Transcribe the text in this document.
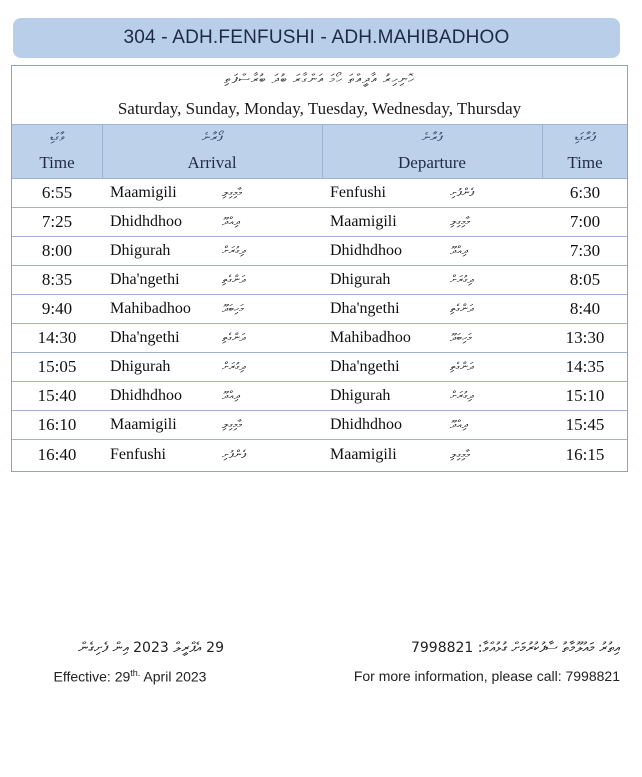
304 - ADH.FENFUSHI - ADH.MAHIBADHOO
ހޮނިހިރު އާދީއްތަ ހޯމަ އަންގާރަ ބުދަ ބުރާސްފަތި
Saturday, Sunday, Monday, Tuesday, Wednesday, Thursday
ވާގަޑި
Time
ފޯރާނެ
Arrival
ފުރާނެ
Departure
ފުރާގަޑި
Time
6:55	Maamigili	މާމިގިލި	Fenfushi	ފެންފުށި	6:30
7:25	Dhidhdhoo	ދިއްދޫ	Maamigili	މާމިގިލި	7:00
8:00	Dhigurah	ދިގުރަށް	Dhidhdhoo	ދިއްދޫ	7:30
8:35	Dha'ngethi	ދަންގެތި	Dhigurah	ދިގުރަށް	8:05
9:40	Mahibadhoo	މަހިބަދޫ	Dha'ngethi	ދަންގެތި	8:40
14:30	Dha'ngethi	ދަންގެތި	Mahibadhoo	މަހިބަދޫ	13:30
15:05	Dhigurah	ދިގުރަށް	Dha'ngethi	ދަންގެތި	14:35
15:40	Dhidhdhoo	ދިއްދޫ	Dhigurah	ދިގުރަށް	15:10
16:10	Maamigili	މާމިގިލި	Dhidhdhoo	ދިއްދޫ	15:45
16:40	Fenfushi	ފެންފުށި	Maamigili	މާމިގިލި	16:15
29 އެޕްރީލް 2023 އިން ފެށިގެން
Effective: $29^{th.}$ April 2023
އިތުރު މައުލޫމާތު ސާފުކުރުމަށް ގުޅުއްވާ: 7998821
For more information, please call: 7998821
